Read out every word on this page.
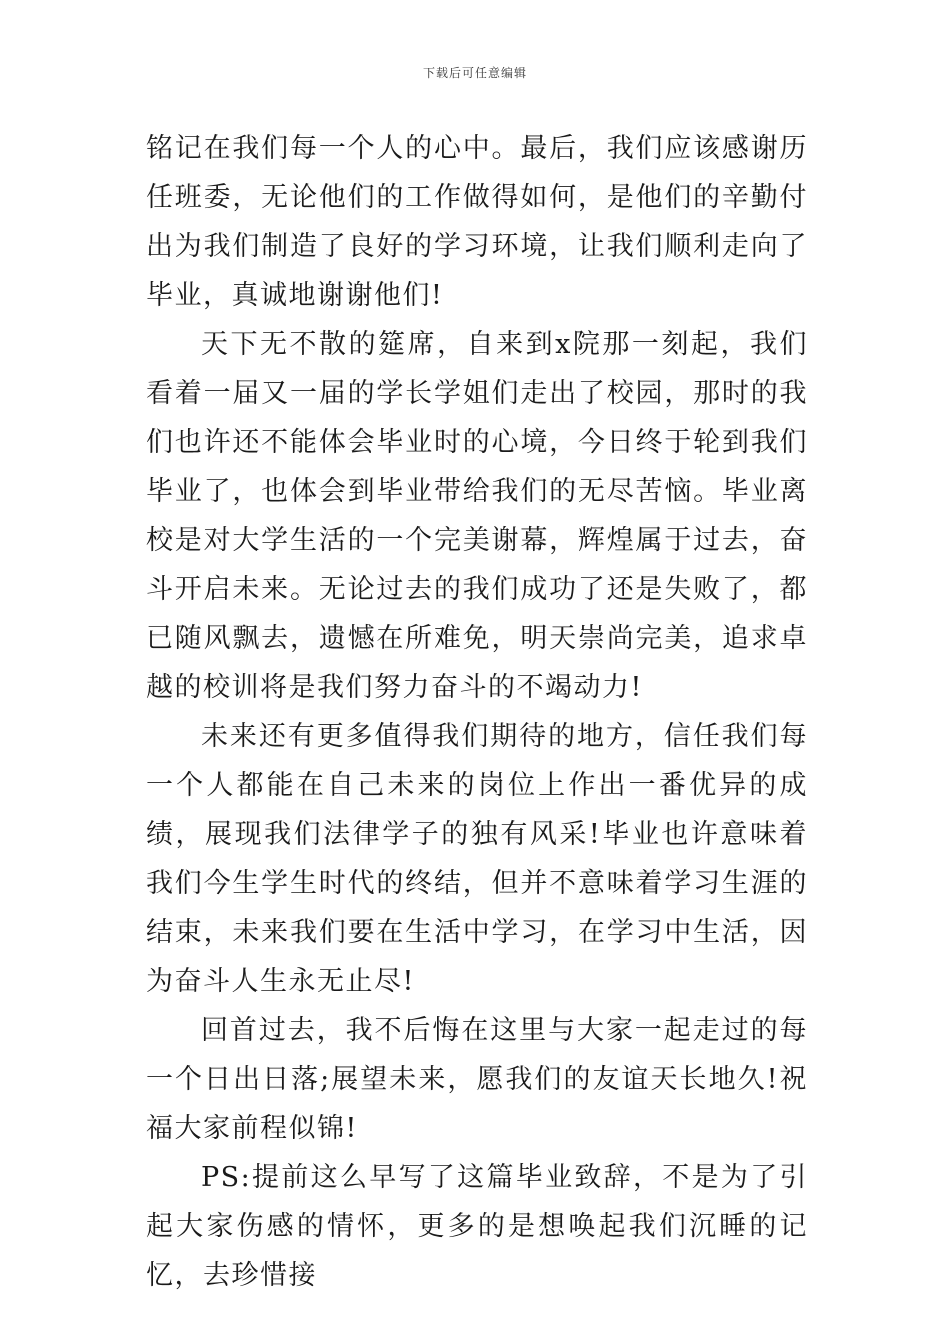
下载后可任意编辑

铭记在我们每一个人的心中。最后，我们应该感谢历任班委，无论他们的工作做得如何，是他们的辛勤付出为我们制造了良好的学习环境，让我们顺利走向了毕业，真诚地谢谢他们!

天下无不散的筵席，自来到x院那一刻起，我们看着一届又一届的学长学姐们走出了校园，那时的我们也许还不能体会毕业时的心境，今日终于轮到我们毕业了，也体会到毕业带给我们的无尽苦恼。毕业离校是对大学生活的一个完美谢幕，辉煌属于过去，奋斗开启未来。无论过去的我们成功了还是失败了，都已随风飘去，遗憾在所难免，明天崇尚完美，追求卓越的校训将是我们努力奋斗的不竭动力!

未来还有更多值得我们期待的地方，信任我们每一个人都能在自己未来的岗位上作出一番优异的成绩，展现我们法律学子的独有风采!毕业也许意味着我们今生学生时代的终结，但并不意味着学习生涯的结束，未来我们要在生活中学习，在学习中生活，因为奋斗人生永无止尽!

回首过去，我不后悔在这里与大家一起走过的每一个日出日落;展望未来，愿我们的友谊天长地久!祝福大家前程似锦!

PS:提前这么早写了这篇毕业致辞，不是为了引起大家伤感的情怀，更多的是想唤起我们沉睡的记忆，去珍惜接
